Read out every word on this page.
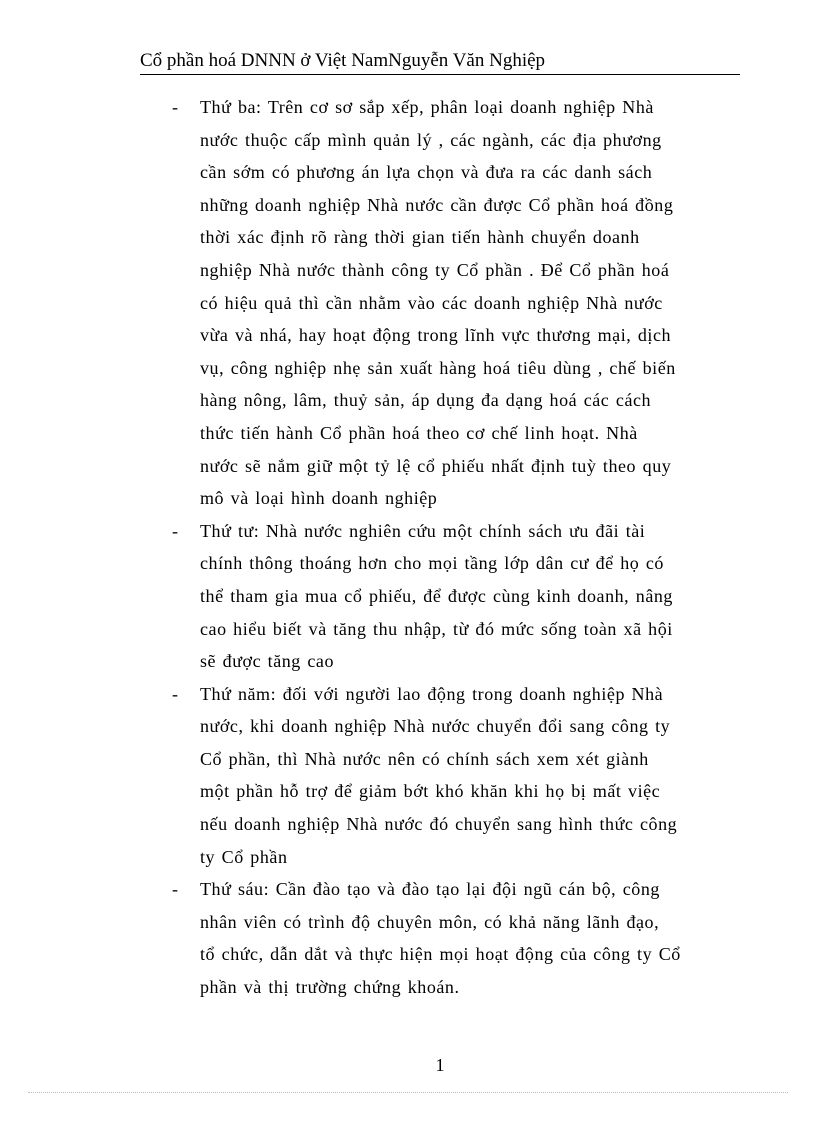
Cổ phần hoá DNNN ở Việt NamNguyễn Văn Nghiệp
- Thứ ba: Trên cơ sơ sắp xếp, phân loại doanh nghiệp Nhà
nước thuộc cấp mình quản lý , các ngành, các địa phương
cần sớm có phương án lựa chọn và đưa ra các danh sách
những doanh nghiệp Nhà nước cần được Cổ phần hoá đồng
thời xác định rõ ràng thời gian tiến hành chuyển doanh
nghiệp Nhà nước thành công ty Cổ phần . Để Cổ phần hoá
có hiệu quả thì cần nhằm vào các doanh nghiệp Nhà nước
vừa và nhá, hay hoạt động trong lĩnh vực thương mại, dịch
vụ, công nghiệp nhẹ sản xuất hàng hoá tiêu dùng , chế biến
hàng nông, lâm, thuỷ sản, áp dụng đa dạng hoá các cách
thức tiến hành Cổ phần hoá theo cơ chế linh hoạt. Nhà
nước sẽ nắm giữ một tỷ lệ cổ phiếu nhất định tuỳ theo quy
mô và loại hình doanh nghiệp
- Thứ tư: Nhà nước nghiên cứu một chính sách ưu đãi tài
chính thông thoáng hơn cho mọi tầng lớp dân cư để họ có
thể tham gia mua cổ phiếu, để được cùng kinh doanh, nâng
cao hiểu biết và tăng thu nhập, từ đó mức sống toàn xã hội
sẽ được tăng cao
- Thứ năm: đối với người lao động trong doanh nghiệp Nhà
nước, khi doanh nghiệp Nhà nước chuyển đổi sang công ty
Cổ phần, thì Nhà nước nên có chính sách xem xét giành
một phần hỗ trợ để giảm bớt khó khăn khi họ bị mất việc
nếu doanh nghiệp Nhà nước đó chuyển sang hình thức công
ty Cổ phần
- Thứ sáu: Cần đào tạo và đào tạo lại đội ngũ cán bộ, công
nhân viên có trình độ chuyên môn, có khả năng lãnh đạo,
tổ chức, dẫn dắt và thực hiện mọi hoạt động của công ty Cổ
phần và thị trường chứng khoán.
1
